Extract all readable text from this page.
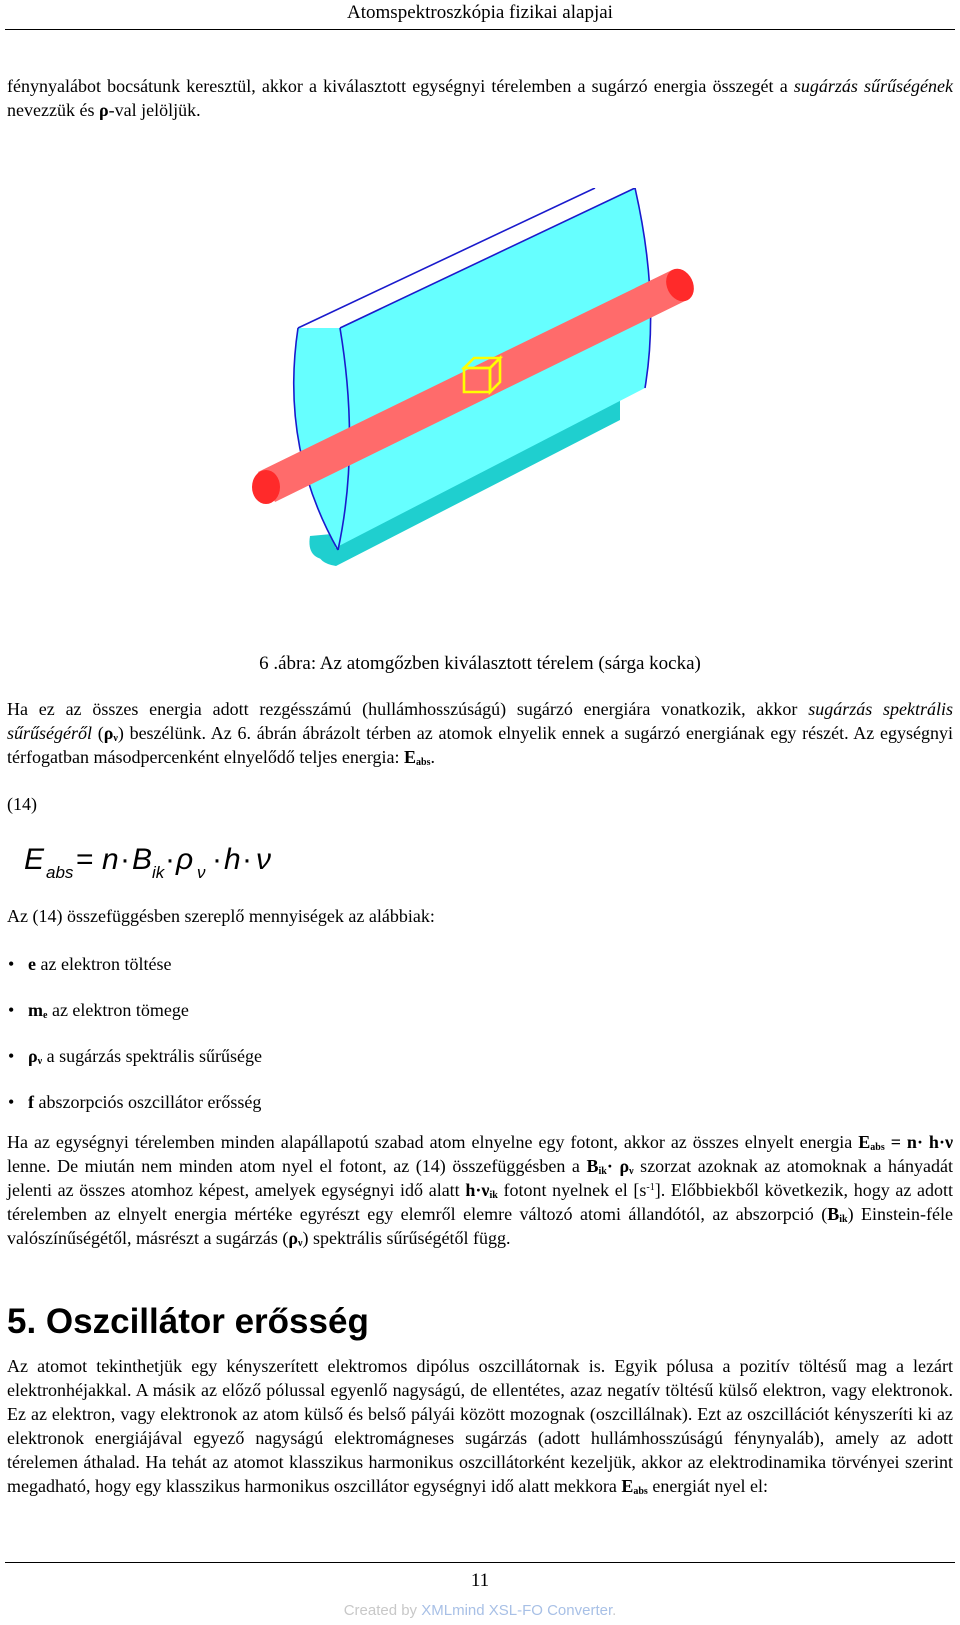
Atomspektroszkópia fizikai alapjai

fénynyalábot bocsátunk keresztül, akkor a kiválasztott egységnyi térelemben a sugárzó energia összegét a sugárzás sűrűségének nevezzük és ρ-val jelöljük.

6 .ábra: Az atomgőzben kiválasztott térelem (sárga kocka)

Ha ez az összes energia adott rezgésszámú (hullámhosszúságú) sugárzó energiára vonatkozik, akkor sugárzás spektrális sűrűségéről $(\rho_\nu)$ beszélünk. Az 6. ábrán ábrázolt térben az atomok elnyelik ennek a sugárzó energiának egy részét. Az egységnyi térfogatban másodpercenként elnyelődő teljes energia: $E_{abs}$.

(14)
E abs = n · B ik · ρ ν · h · ν

Az (14) összefüggésben szereplő mennyiségek az alábbiak:

• e az elektron töltése
• $m_e$ az elektron tömege
• $\rho_\nu$ a sugárzás spektrális sűrűsége
• f abszorpciós oszcillátor erősség

Ha az egységnyi térelemben minden alapállapotú szabad atom elnyelne egy fotont, akkor az összes elnyelt energia $E_{abs} = n\cdot h\cdot\nu$ lenne. De miután nem minden atom nyel el fotont, az (14) összefüggésben a $B_{ik}\cdot \rho_\nu$ szorzat azoknak az atomoknak a hányadát jelenti az összes atomhoz képest, amelyek egységnyi idő alatt $h\cdot\nu_{ik}$ fotont nyelnek el $[s^{-1}]$. Előbbiekből következik, hogy az adott térelemben az elnyelt energia mértéke egyrészt egy elemről elemre változó atomi állandótól, az abszorpció $(B_{ik})$ Einstein-féle valószínűségétől, másrészt a sugárzás $(\rho_\nu)$ spektrális sűrűségétől függ.

5. Oszcillátor erősség

Az atomot tekinthetjük egy kényszerített elektromos dipólus oszcillátornak is. Egyik pólusa a pozitív töltésű mag a lezárt elektronhéjakkal. A másik az előző pólussal egyenlő nagyságú, de ellentétes, azaz negatív töltésű külső elektron, vagy elektronok. Ez az elektron, vagy elektronok az atom külső és belső pályái között mozognak (oszcillálnak). Ezt az oszcillációt kényszeríti ki az elektronok energiájával egyező nagyságú elektromágneses sugárzás (adott hullámhosszúságú fénynyaláb), amely az adott térelemen áthalad. Ha tehát az atomot klasszikus harmonikus oszcillátorként kezeljük, akkor az elektrodinamika törvényei szerint megadható, hogy egy klasszikus harmonikus oszcillátor egységnyi idő alatt mekkora $E_{abs}$ energiát nyel el:

11
Created by XMLmind XSL-FO Converter.
